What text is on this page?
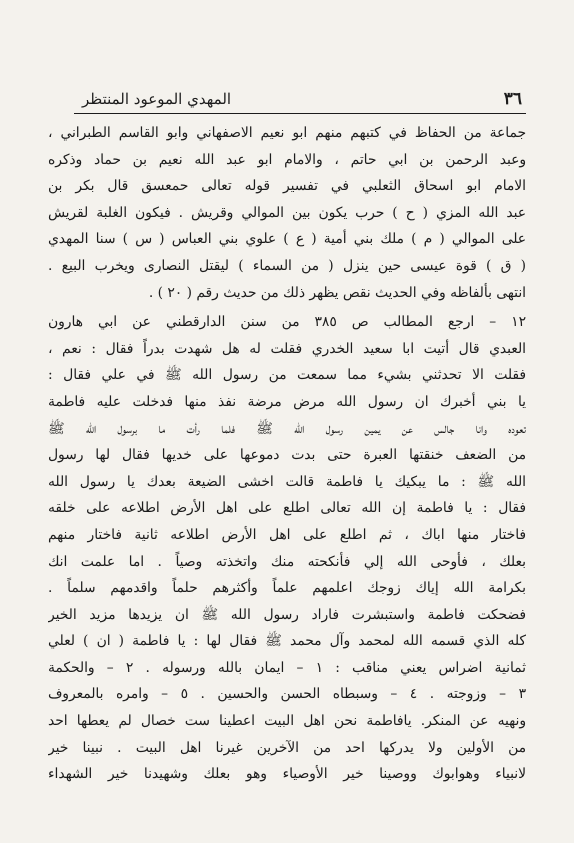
٣٦
المهدي الموعود المنتظر
جماعة من الحفاظ في كتبهم منهم ابو نعيم الاصفهاني وابو القاسم الطبراني ،
وعبد الرحمن بن ابي حاتم ، والامام ابو عبد الله نعيم بن حماد وذكره
الامام ابو اسحاق الثعلبي في تفسير قوله تعالى حمعسق قال بكر بن
عبد الله المزي ( ح ) حرب يكون بين الموالي وقريش . فيكون الغلبة لقريش
على الموالي ( م ) ملك بني أمية ( ع ) علوي بني العباس ( س ) سنا المهدي
( ق ) قوة عيسى حين ينزل ( من السماء ) ليقتل النصارى ويخرب البيع .
انتهى بألفاظه وفي الحديث نقص يظهر ذلك من حديث رقم ( ٢٠ ) .
١٢ – ارجع المطالب ص ٣٨٥ من سنن الدارقطني عن ابي هارون
العبدي قال أتيت ابا سعيد الخدري فقلت له هل شهدت بدراً فقال : نعم ،
فقلت الا تحدثني بشيء مما سمعت من رسول الله ﷺ في علي فقال :
يا بني أخبرك ان رسول الله مرض مرضة نفذ منها فدخلت عليه فاطمة
تعوده وانا جالس عن يمين رسول الله ﷺ فلما رأت ما برسول الله ﷺ
من الضعف خنقتها العبرة حتى بدت دموعها على خديها فقال لها رسول
الله ﷺ : ما يبكيك يا فاطمة قالت اخشى الضيعة بعدك يا رسول الله
فقال : يا فاطمة إن الله تعالى اطلع على اهل الأرض اطلاعه على خلقه
فاختار منها اباك ، ثم اطلع على اهل الأرض اطلاعه ثانية فاختار منهم
بعلك ، فأوحى الله إلي فأنكحته منك واتخذته وصياً . اما علمت انك
بكرامة الله إياك زوجك اعلمهم علماً وأكثرهم حلماً واقدمهم سلماً .
فضحكت فاطمة واستبشرت فاراد رسول الله ﷺ ان يزيدها مزيد الخير
كله الذي قسمه الله لمحمد وآل محمد ﷺ فقال لها : يا فاطمة ( ان ) لعلي
ثمانية اضراس يعني مناقب : ١ – ايمان بالله ورسوله . ٢ – والحكمة
٣ – وزوجته . ٤ – وسبطاه الحسن والحسين . ٥ – وامره بالمعروف
ونهيه عن المنكر. يافاطمة نحن اهل البيت اعطينا ست خصال لم يعطها احد
من الأولين ولا يدركها احد من الآخرين غيرنا اهل البيت . نبينا خير
لانبياء وهوابوك ووصينا خير الأوصياء وهو بعلك وشهيدنا خير الشهداء
